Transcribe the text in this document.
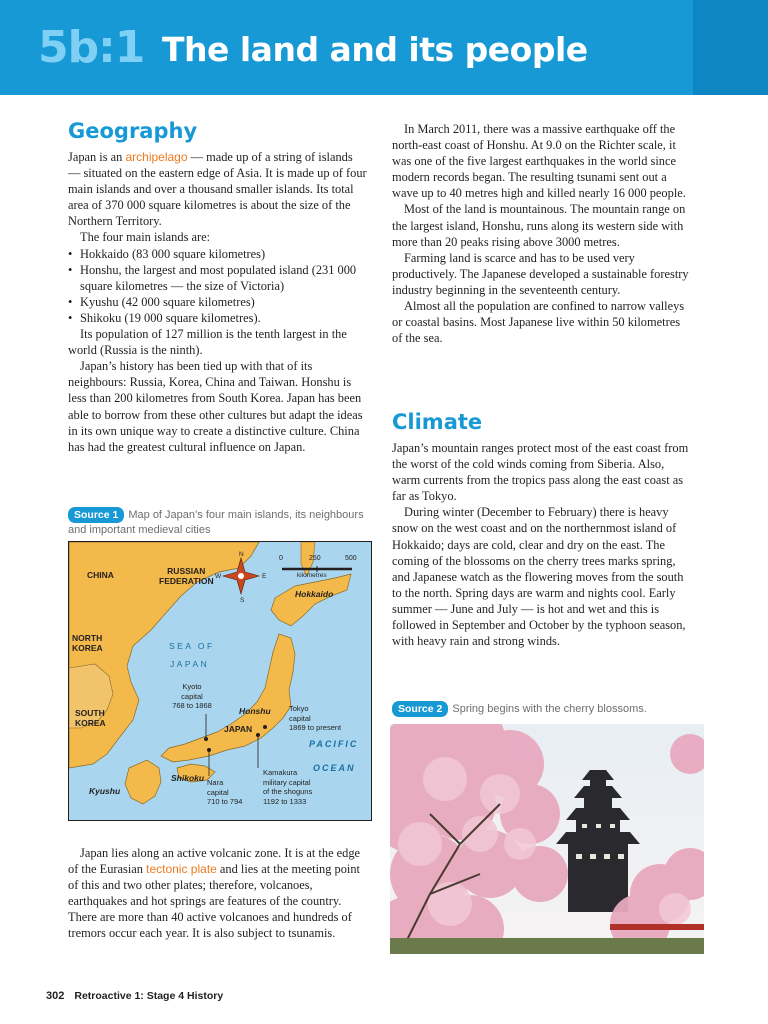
5b:1 The land and its people
Geography

Japan is an archipelago — made up of a string of islands — situated on the eastern edge of Asia. It is made up of four main islands and over a thousand smaller islands. Its total area of 370 000 square kilometres is about the size of the Northern Territory.

The four main islands are:

• Hokkaido (83 000 square kilometres)
• Honshu, the largest and most populated island (231 000 square kilometres — the size of Victoria)
• Kyushu (42 000 square kilometres)
• Shikoku (19 000 square kilometres).

Its population of 127 million is the tenth largest in the world (Russia is the ninth).

Japan’s history has been tied up with that of its neighbours: Russia, Korea, China and Taiwan. Honshu is less than 200 kilometres from South Korea. Japan has been able to borrow from these other cultures but adapt the ideas in its own unique way to create a distinctive culture. China has had the greatest cultural influence on Japan.

Source 1 Map of Japan’s four main islands, its neighbours and important medieval cities
CHINA	RUSSIAN
FEDERATION
NORTH
KOREA
SOUTH
KOREA
SEA OF
JAPAN
PACIFIC
OCEAN
Hokkaido
Honshu
JAPAN
Shikoku
Kyushu
N
E
S
W
0	250	500
kilometres
Kyoto
capital
768 to 1868	Tokyo
capital
1869 to present
Nara
capital
710 to 794
Kamakura
military capital
of the shoguns
1192 to 1333

Japan lies along an active volcanic zone. It is at the edge of the Eurasian tectonic plate and lies at the meeting point of this and two other plates; therefore, volcanoes, earthquakes and hot springs are features of the country. There are more than 40 active volcanoes and hundreds of tremors occur each year. It is also subject to tsunamis.

In March 2011, there was a massive earthquake off the north-east coast of Honshu. At 9.0 on the Richter scale, it was one of the five largest earthquakes in the world since modern records began. The resulting tsunami sent out a wave up to 40 metres high and killed nearly 16 000 people.

Most of the land is mountainous. The mountain range on the largest island, Honshu, runs along its western side with more than 20 peaks rising above 3000 metres.

Farming land is scarce and has to be used very productively. The Japanese developed a sustainable forestry industry beginning in the seventeenth century.

Almost all the population are confined to narrow valleys or coastal basins. Most Japanese live within 50 kilometres of the sea.

Climate

Japan’s mountain ranges protect most of the east coast from the worst of the cold winds coming from Siberia. Also, warm currents from the tropics pass along the east coast as far as Tokyo.

During winter (December to February) there is heavy snow on the west coast and on the northernmost island of Hokkaido; days are cold, clear and dry on the east. The coming of the blossoms on the cherry trees marks spring, and Japanese watch as the flowering moves from the south to the north. Spring days are warm and nights cool. Early summer — June and July — is hot and wet and this is followed in September and October by the typhoon season, with heavy rain and strong winds.

Source 2 Spring begins with the cherry blossoms.
302 Retroactive 1: Stage 4 History
